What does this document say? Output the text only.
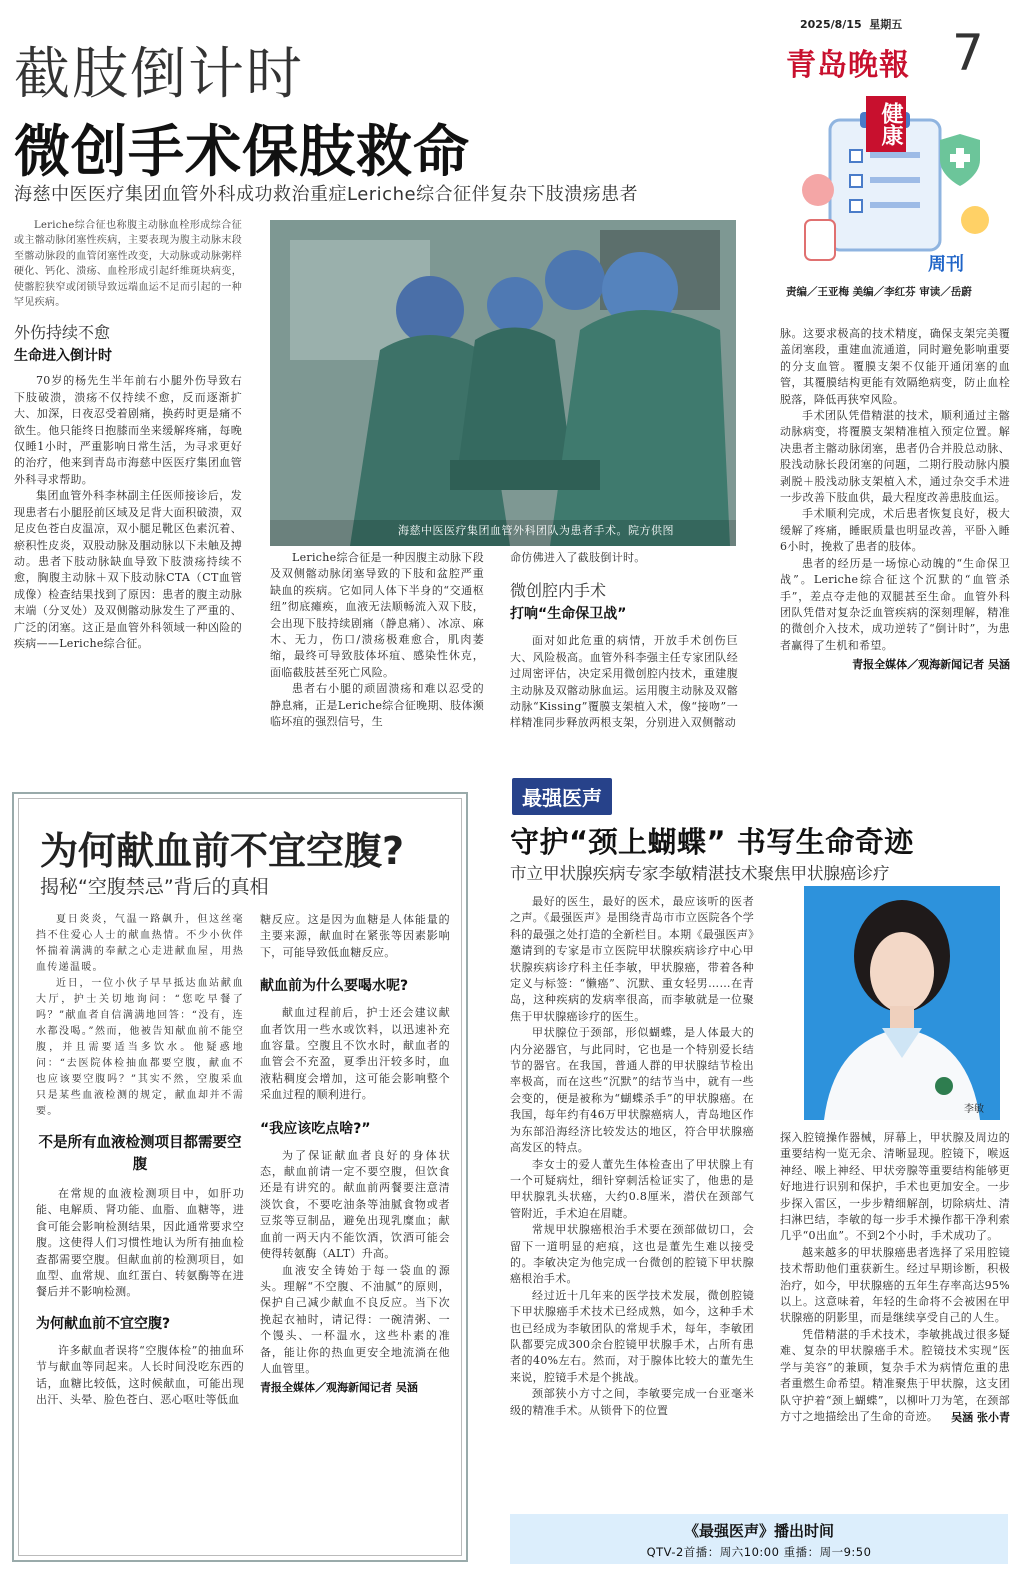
2025/8/15 星期五
青岛晚報 7
健康
周刊
责编／王亚梅 美编／李红芬 审读／岳蔚
截肢倒计时
微创手术保肢救命
海慈中医医疗集团血管外科成功救治重症Leriche综合征伴复杂下肢溃疡患者

Leriche综合征也称腹主动脉血栓形成综合征或主髂动脉闭塞性疾病，主要表现为腹主动脉末段至髂动脉段的血管闭塞性改变，大动脉或动脉粥样硬化、钙化、溃疡、血栓形成引起纤维斑块病变，使髂腔狭窄或闭锁导致远端血运不足而引起的一种罕见疾病。

外伤持续不愈
生命进入倒计时

70岁的杨先生半年前右小腿外伤导致右下肢破溃，溃疡不仅持续不愈，反而逐渐扩大、加深，日夜忍受着剧痛，换药时更是痛不欲生。他只能终日抱膝而坐来缓解疼痛，每晚仅睡1小时，严重影响日常生活，为寻求更好的治疗，他来到青岛市海慈中医医疗集团血管外科寻求帮助。

集团血管外科李林副主任医师接诊后，发现患者右小腿胫前区域及足背大面积破溃，双足皮色苍白皮温凉，双小腿足靴区色素沉着、瘀积性皮炎，双股动脉及腘动脉以下未触及搏动。患者下肢动脉缺血导致下肢溃疡持续不愈，胸腹主动脉＋双下肢动脉CTA（CT血管成像）检查结果找到了原因：患者的腹主动脉末端（分叉处）及双侧髂动脉发生了严重的、广泛的闭塞。这正是血管外科领域一种凶险的疾病——Leriche综合征。

海慈中医医疗集团血管外科团队为患者手术。院方供图

Leriche综合征是一种因腹主动脉下段及双侧髂动脉闭塞导致的下肢和盆腔严重缺血的疾病。它如同人体下半身的“交通枢纽”彻底瘫痪，血液无法顺畅流入双下肢，会出现下肢持续剧痛（静息痛）、冰凉、麻木、无力，伤口/溃疡极难愈合，肌肉萎缩，最终可导致肢体坏疽、感染性休克，面临截肢甚至死亡风险。

患者右小腿的顽固溃疡和难以忍受的静息痛，正是Leriche综合征晚期、肢体濒临坏疽的强烈信号，生

命仿佛进入了截肢倒计时。

微创腔内手术
打响“生命保卫战”

面对如此危重的病情，开放手术创伤巨大、风险极高。血管外科李强主任专家团队经过周密评估，决定采用微创腔内技术，重建腹主动脉及双髂动脉血运。运用腹主动脉及双髂动脉“Kissing”覆膜支架植入术，像“接吻”一样精准同步释放两根支架，分别进入双侧髂动

脉。这要求极高的技术精度，确保支架完美覆盖闭塞段，重建血流通道，同时避免影响重要的分支血管。覆膜支架不仅能开通闭塞的血管，其覆膜结构更能有效隔绝病变，防止血栓脱落，降低再狭窄风险。

手术团队凭借精湛的技术，顺利通过主髂动脉病变，将覆膜支架精准植入预定位置。解决患者主髂动脉闭塞，患者仍合并股总动脉、股浅动脉长段闭塞的问题，二期行股动脉内膜剥脱＋股浅动脉支架植入术，通过杂交手术进一步改善下肢血供，最大程度改善患肢血运。

手术顺利完成，术后患者恢复良好，极大缓解了疼痛，睡眠质量也明显改善，平卧入睡6小时，挽救了患者的肢体。

患者的经历是一场惊心动魄的“生命保卫战”。Leriche综合征这个沉默的“血管杀手”，差点夺走他的双腿甚至生命。血管外科团队凭借对复杂泛血管疾病的深刻理解，精准的微创介入技术，成功逆转了“倒计时”，为患者赢得了生机和希望。

青报全媒体／观海新闻记者 吴涵
为何献血前不宜空腹?
揭秘“空腹禁忌”背后的真相

夏日炎炎，气温一路飙升，但这丝毫挡不住爱心人士的献血热情。不少小伙伴怀揣着满满的奉献之心走进献血屋，用热血传递温暖。

近日，一位小伙子早早抵达血站献血大厅，护士关切地询问：“您吃早餐了吗？”献血者自信满满地回答：“没有，连水都没喝。”然而，他被告知献血前不能空腹，并且需要适当多饮水。他疑惑地问：“去医院体检抽血都要空腹，献血不也应该要空腹吗？”其实不然，空腹采血只是某些血液检测的规定，献血却并不需要。

不是所有血液检测项目都需要空腹

在常规的血液检测项目中，如肝功能、电解质、肾功能、血脂、血糖等，进食可能会影响检测结果，因此通常要求空腹。这使得人们习惯性地认为所有抽血检查都需要空腹。但献血前的检测项目，如血型、血常规、血红蛋白、转氨酶等在进餐后并不影响检测。

为何献血前不宜空腹?

许多献血者误将“空腹体检”的抽血环节与献血等同起来。人长时间没吃东西的话，血糖比较低，这时候献血，可能出现出汗、头晕、脸色苍白、恶心呕吐等低血

糖反应。这是因为血糖是人体能量的主要来源，献血时在紧张等因素影响下，可能导致低血糖反应。

献血前为什么要喝水呢?

献血过程前后，护士还会建议献血者饮用一些水或饮料，以迅速补充血容量。空腹且不饮水时，献血者的血管会不充盈，夏季出汗较多时，血液粘稠度会增加，这可能会影响整个采血过程的顺利进行。

“我应该吃点啥?”

为了保证献血者良好的身体状态，献血前请一定不要空腹，但饮食还是有讲究的。献血前两餐要注意清淡饮食，不要吃油条等油腻食物或者豆浆等豆制品，避免出现乳糜血；献血前一两天内不能饮酒，饮酒可能会使得转氨酶（ALT）升高。

血液安全铸始于每一袋血的源头。理解“不空腹、不油腻”的原则，保护自己减少献血不良反应。当下次挽起衣袖时，请记得：一碗清粥、一个馒头、一杯温水，这些朴素的准备，能让你的热血更安全地流淌在他人血管里。

青报全媒体／观海新闻记者 吴涵
最强医声
守护“颈上蝴蝶” 书写生命奇迹
市立甲状腺疾病专家李敏精湛技术聚焦甲状腺癌诊疗

最好的医生，最好的医术，最应该听的医者之声。《最强医声》是围绕青岛市市立医院各个学科的最强之处打造的全新栏目。本期《最强医声》邀请到的专家是市立医院甲状腺疾病诊疗中心甲状腺疾病诊疗科主任李敏，甲状腺癌，带着各种定义与标签：“懒癌”、沉默、重女轻男……在青岛，这种疾病的发病率很高，而李敏就是一位聚焦于甲状腺癌诊疗的医生。

甲状腺位于颈部，形似蝴蝶，是人体最大的内分泌器官，与此同时，它也是一个特别爱长结节的器官。在我国，普通人群的甲状腺结节检出率极高，而在这些“沉默”的结节当中，就有一些会变的，便是被称为“蝴蝶杀手”的甲状腺癌。在我国，每年约有46万甲状腺癌病人，青岛地区作为东部沿海经济比较发达的地区，符合甲状腺癌高发区的特点。

李女士的爱人董先生体检查出了甲状腺上有一个可疑病灶，细针穿刺活检证实了，他患的是甲状腺乳头状癌，大约0.8厘米，潜伏在颈部气管附近，手术迫在眉睫。

常规甲状腺癌根治手术要在颈部做切口，会留下一道明显的疤痕，这也是董先生难以接受的。李敏决定为他完成一台微创的腔镜下甲状腺癌根治手术。

经过近十几年来的医学技术发展，微创腔镜下甲状腺癌手术技术已经成熟，如今，这种手术也已经成为李敏团队的常规手术，每年，李敏团队都要完成300余台腔镜甲状腺手术，占所有患者的40%左右。然而，对于腺体比较大的董先生来说，腔镜手术是个挑战。

颈部狭小方寸之间，李敏要完成一台亚毫米级的精准手术。从锁骨下的位置

李敏

探入腔镜操作器械，屏幕上，甲状腺及周边的重要结构一览无余、清晰显现。腔镜下，喉返神经、喉上神经、甲状旁腺等重要结构能够更好地进行识别和保护，手术也更加安全。一步步探入雷区，一步步精细解剖，切除病灶、清扫淋巴结，李敏的每一步手术操作都干净利索几乎“0出血”。不到2个小时，手术成功了。

越来越多的甲状腺癌患者选择了采用腔镜技术帮助他们重获新生。经过早期诊断，积极治疗，如今，甲状腺癌的五年生存率高达95%以上。这意味着，年轻的生命将不会被困在甲状腺癌的阴影里，而是继续享受自己的人生。

凭借精湛的手术技术，李敏挑战过很多疑难、复杂的甲状腺癌手术。腔镜技术实现“医学与美容”的兼顾，复杂手术为病情危重的患者重燃生命希望。精准聚焦于甲状腺，这支团队守护着“颈上蝴蝶”，以柳叶刀为笔，在颈部方寸之地描绘出了生命的奇迹。	吴涵 张小青
《最强医声》播出时间
QTV-2首播：周六10:00 重播：周一9:50
